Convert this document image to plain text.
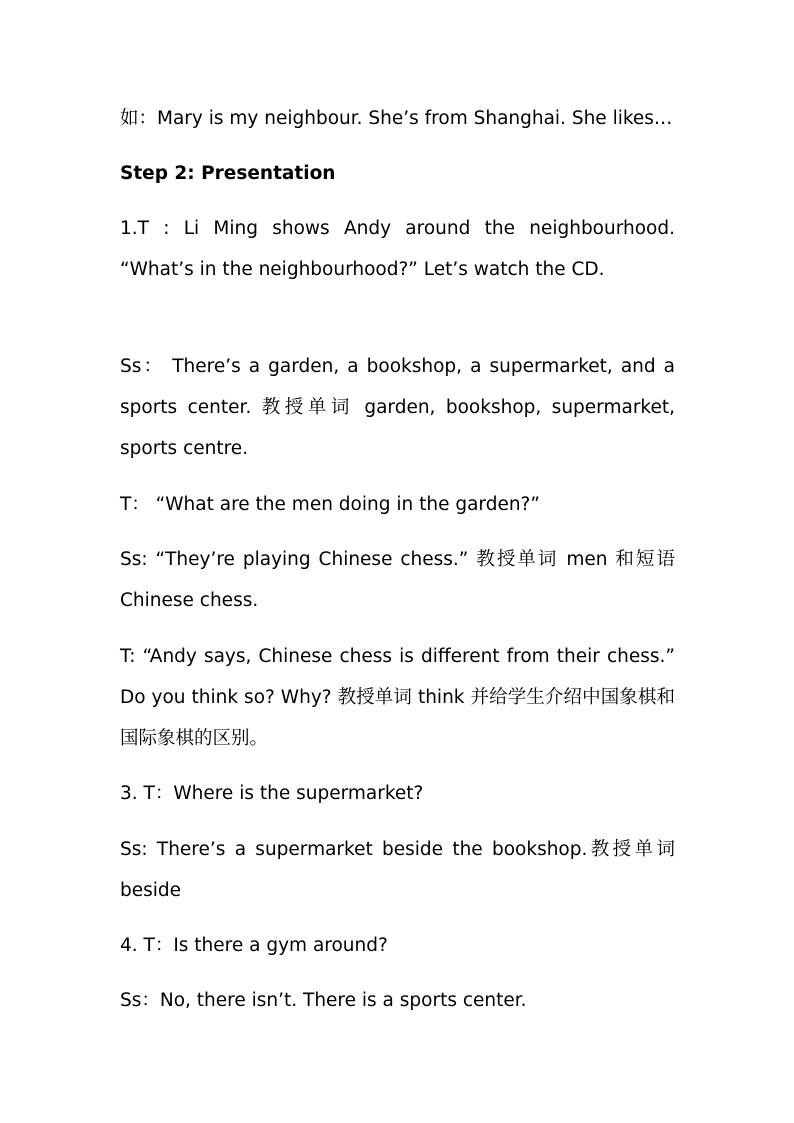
如：Mary is my neighbour. She’s from Shanghai. She likes…

Step 2: Presentation

1.T : Li Ming shows Andy around the neighbourhood. “What’s in the neighbourhood?” Let’s watch the CD.

Ss： There’s a garden, a bookshop, a supermarket, and a sports center. 教授单词 garden, bookshop, supermarket, sports centre.

T： “What are the men doing in the garden?”

Ss: “They’re playing Chinese chess.” 教授单词 men 和短语 Chinese chess.

T: “Andy says, Chinese chess is different from their chess.” Do you think so? Why? 教授单词 think 并给学生介绍中国象棋和国际象棋的区别。

3. T：Where is the supermarket?

Ss: There’s a supermarket beside the bookshop.教授单词 beside

4. T：Is there a gym around?

Ss：No, there isn’t. There is a sports center.
